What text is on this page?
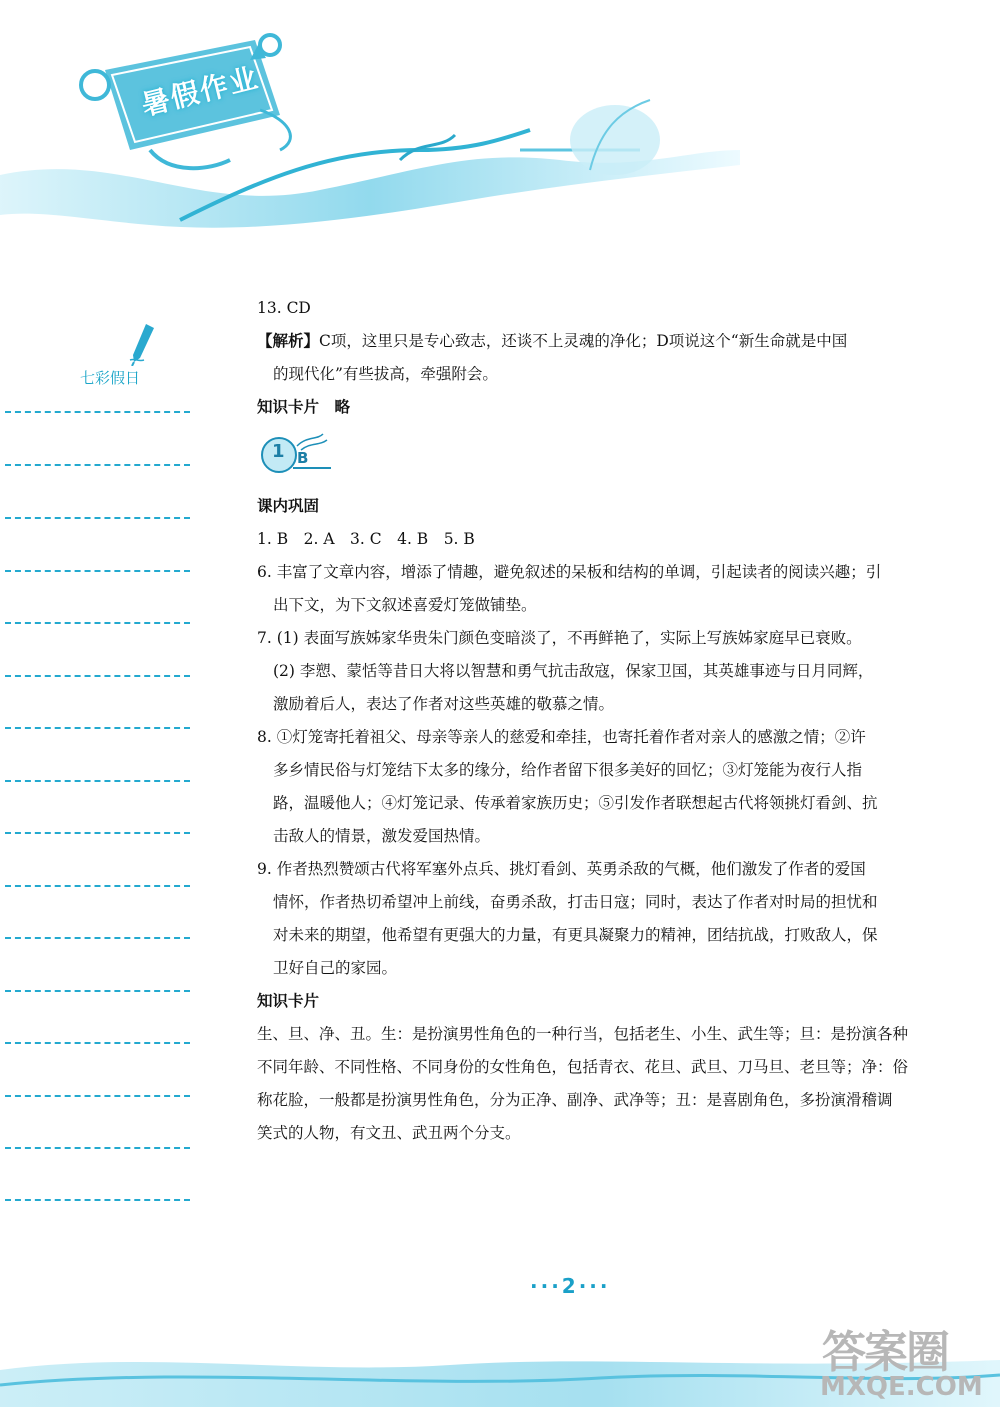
暑假作业
七彩假日
13. CD
【解析】C项，这里只是专心致志，还谈不上灵魂的净化；D项说这个“新生命就是中国
的现代化”有些拔高，牵强附会。
知识卡片　略
1 B
课内巩固
1. B　2. A　3. C　4. B　5. B
6. 丰富了文章内容，增添了情趣，避免叙述的呆板和结构的单调，引起读者的阅读兴趣；引
出下文，为下文叙述喜爱灯笼做铺垫。
7. (1) 表面写族姊家华贵朱门颜色变暗淡了，不再鲜艳了，实际上写族姊家庭早已衰败。
(2) 李愬、蒙恬等昔日大将以智慧和勇气抗击敌寇，保家卫国，其英雄事迹与日月同辉，
激励着后人，表达了作者对这些英雄的敬慕之情。
8. ①灯笼寄托着祖父、母亲等亲人的慈爱和牵挂，也寄托着作者对亲人的感激之情；②许
多乡情民俗与灯笼结下太多的缘分，给作者留下很多美好的回忆；③灯笼能为夜行人指
路，温暖他人；④灯笼记录、传承着家族历史；⑤引发作者联想起古代将领挑灯看剑、抗
击敌人的情景，激发爱国热情。
9. 作者热烈赞颂古代将军塞外点兵、挑灯看剑、英勇杀敌的气概，他们激发了作者的爱国
情怀，作者热切希望冲上前线，奋勇杀敌，打击日寇；同时，表达了作者对时局的担忧和
对未来的期望，他希望有更强大的力量，有更具凝聚力的精神，团结抗战，打败敌人，保
卫好自己的家园。
知识卡片
生、旦、净、丑。生：是扮演男性角色的一种行当，包括老生、小生、武生等；旦：是扮演各种
不同年龄、不同性格、不同身份的女性角色，包括青衣、花旦、武旦、刀马旦、老旦等；净：俗
称花脸，一般都是扮演男性角色，分为正净、副净、武净等；丑：是喜剧角色，多扮演滑稽调
笑式的人物，有文丑、武丑两个分支。
···2···
答案圈
MXQE.COM
